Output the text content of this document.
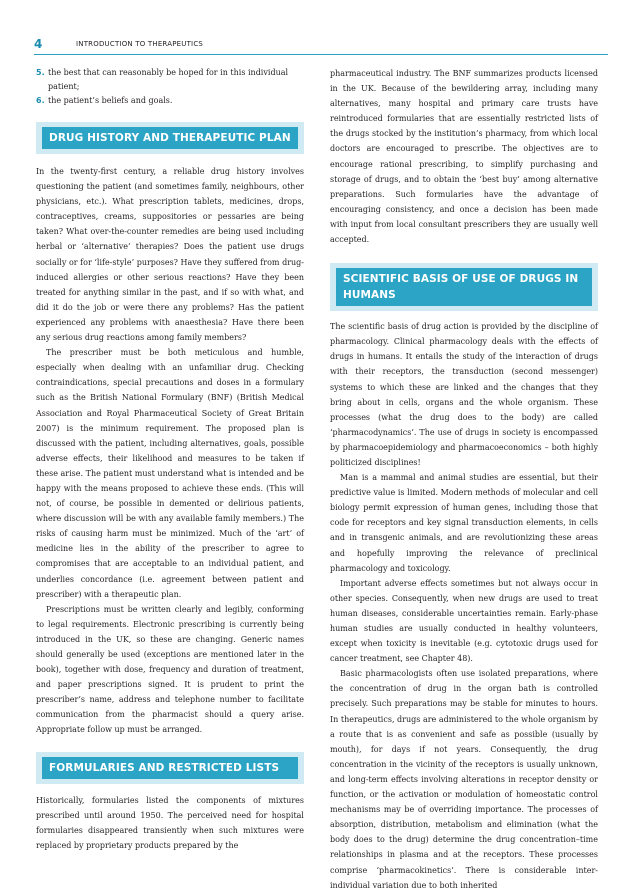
4	INTRODUCTION TO THERAPEUTICS
5. the best that can reasonably be hoped for in this individual patient;
6. the patient’s beliefs and goals.
DRUG HISTORY AND THERAPEUTIC PLAN

In the twenty-first century, a reliable drug history involves questioning the patient (and sometimes family, neighbours, other physicians, etc.). What prescription tablets, medicines, drops, contraceptives, creams, suppositories or pessaries are being taken? What over-the-counter remedies are being used including herbal or ‘alternative’ therapies? Does the patient use drugs socially or for ‘life-style’ purposes? Have they suffered from drug-induced allergies or other serious reactions? Have they been treated for anything similar in the past, and if so with what, and did it do the job or were there any problems? Has the patient experienced any problems with anaesthesia? Have there been any serious drug reactions among family members?

The prescriber must be both meticulous and humble, especially when dealing with an unfamiliar drug. Checking contraindications, special precautions and doses in a formulary such as the British National Formulary (BNF) (British Medical Association and Royal Pharmaceutical Society of Great Britain 2007) is the minimum requirement. The proposed plan is discussed with the patient, including alternatives, goals, possible adverse effects, their likelihood and measures to be taken if these arise. The patient must understand what is intended and be happy with the means proposed to achieve these ends. (This will not, of course, be possible in demented or delirious patients, where discussion will be with any available family members.) The risks of causing harm must be minimized. Much of the ‘art’ of medicine lies in the ability of the prescriber to agree to compromises that are acceptable to an individual patient, and underlies concordance (i.e. agreement between patient and prescriber) with a therapeutic plan.

Prescriptions must be written clearly and legibly, conforming to legal requirements. Electronic prescribing is currently being introduced in the UK, so these are changing. Generic names should generally be used (exceptions are mentioned later in the book), together with dose, frequency and duration of treatment, and paper prescriptions signed. It is prudent to print the prescriber’s name, address and telephone number to facilitate communication from the pharmacist should a query arise. Appropriate follow up must be arranged.

FORMULARIES AND RESTRICTED LISTS

Historically, formularies listed the components of mixtures prescribed until around 1950. The perceived need for hospital formularies disappeared transiently when such mixtures were replaced by proprietary products prepared by the

pharmaceutical industry. The BNF summarizes products licensed in the UK. Because of the bewildering array, including many alternatives, many hospital and primary care trusts have reintroduced formularies that are essentially restricted lists of the drugs stocked by the institution’s pharmacy, from which local doctors are encouraged to prescribe. The objectives are to encourage rational prescribing, to simplify purchasing and storage of drugs, and to obtain the ‘best buy’ among alternative preparations. Such formularies have the advantage of encouraging consistency, and once a decision has been made with input from local consultant prescribers they are usually well accepted.

SCIENTIFIC BASIS OF USE OF DRUGS IN HUMANS

The scientific basis of drug action is provided by the discipline of pharmacology. Clinical pharmacology deals with the effects of drugs in humans. It entails the study of the interaction of drugs with their receptors, the transduction (second messenger) systems to which these are linked and the changes that they bring about in cells, organs and the whole organism. These processes (what the drug does to the body) are called ‘pharmacodynamics’. The use of drugs in society is encompassed by pharmacoepidemiology and pharmacoeconomics – both highly politicized disciplines!

Man is a mammal and animal studies are essential, but their predictive value is limited. Modern methods of molecular and cell biology permit expression of human genes, including those that code for receptors and key signal transduction elements, in cells and in transgenic animals, and are revolutionizing these areas and hopefully improving the relevance of preclinical pharmacology and toxicology.

Important adverse effects sometimes but not always occur in other species. Consequently, when new drugs are used to treat human diseases, considerable uncertainties remain. Early-phase human studies are usually conducted in healthy volunteers, except when toxicity is inevitable (e.g. cytotoxic drugs used for cancer treatment, see Chapter 48).

Basic pharmacologists often use isolated preparations, where the concentration of drug in the organ bath is controlled precisely. Such preparations may be stable for minutes to hours. In therapeutics, drugs are administered to the whole organism by a route that is as convenient and safe as possible (usually by mouth), for days if not years. Consequently, the drug concentration in the vicinity of the receptors is usually unknown, and long-term effects involving alterations in receptor density or function, or the activation or modulation of homeostatic control mechanisms may be of overriding importance. The processes of absorption, distribution, metabolism and elimination (what the body does to the drug) determine the drug concentration–time relationships in plasma and at the receptors. These processes comprise ‘pharmacokinetics’. There is considerable inter-individual variation due to both inherited
